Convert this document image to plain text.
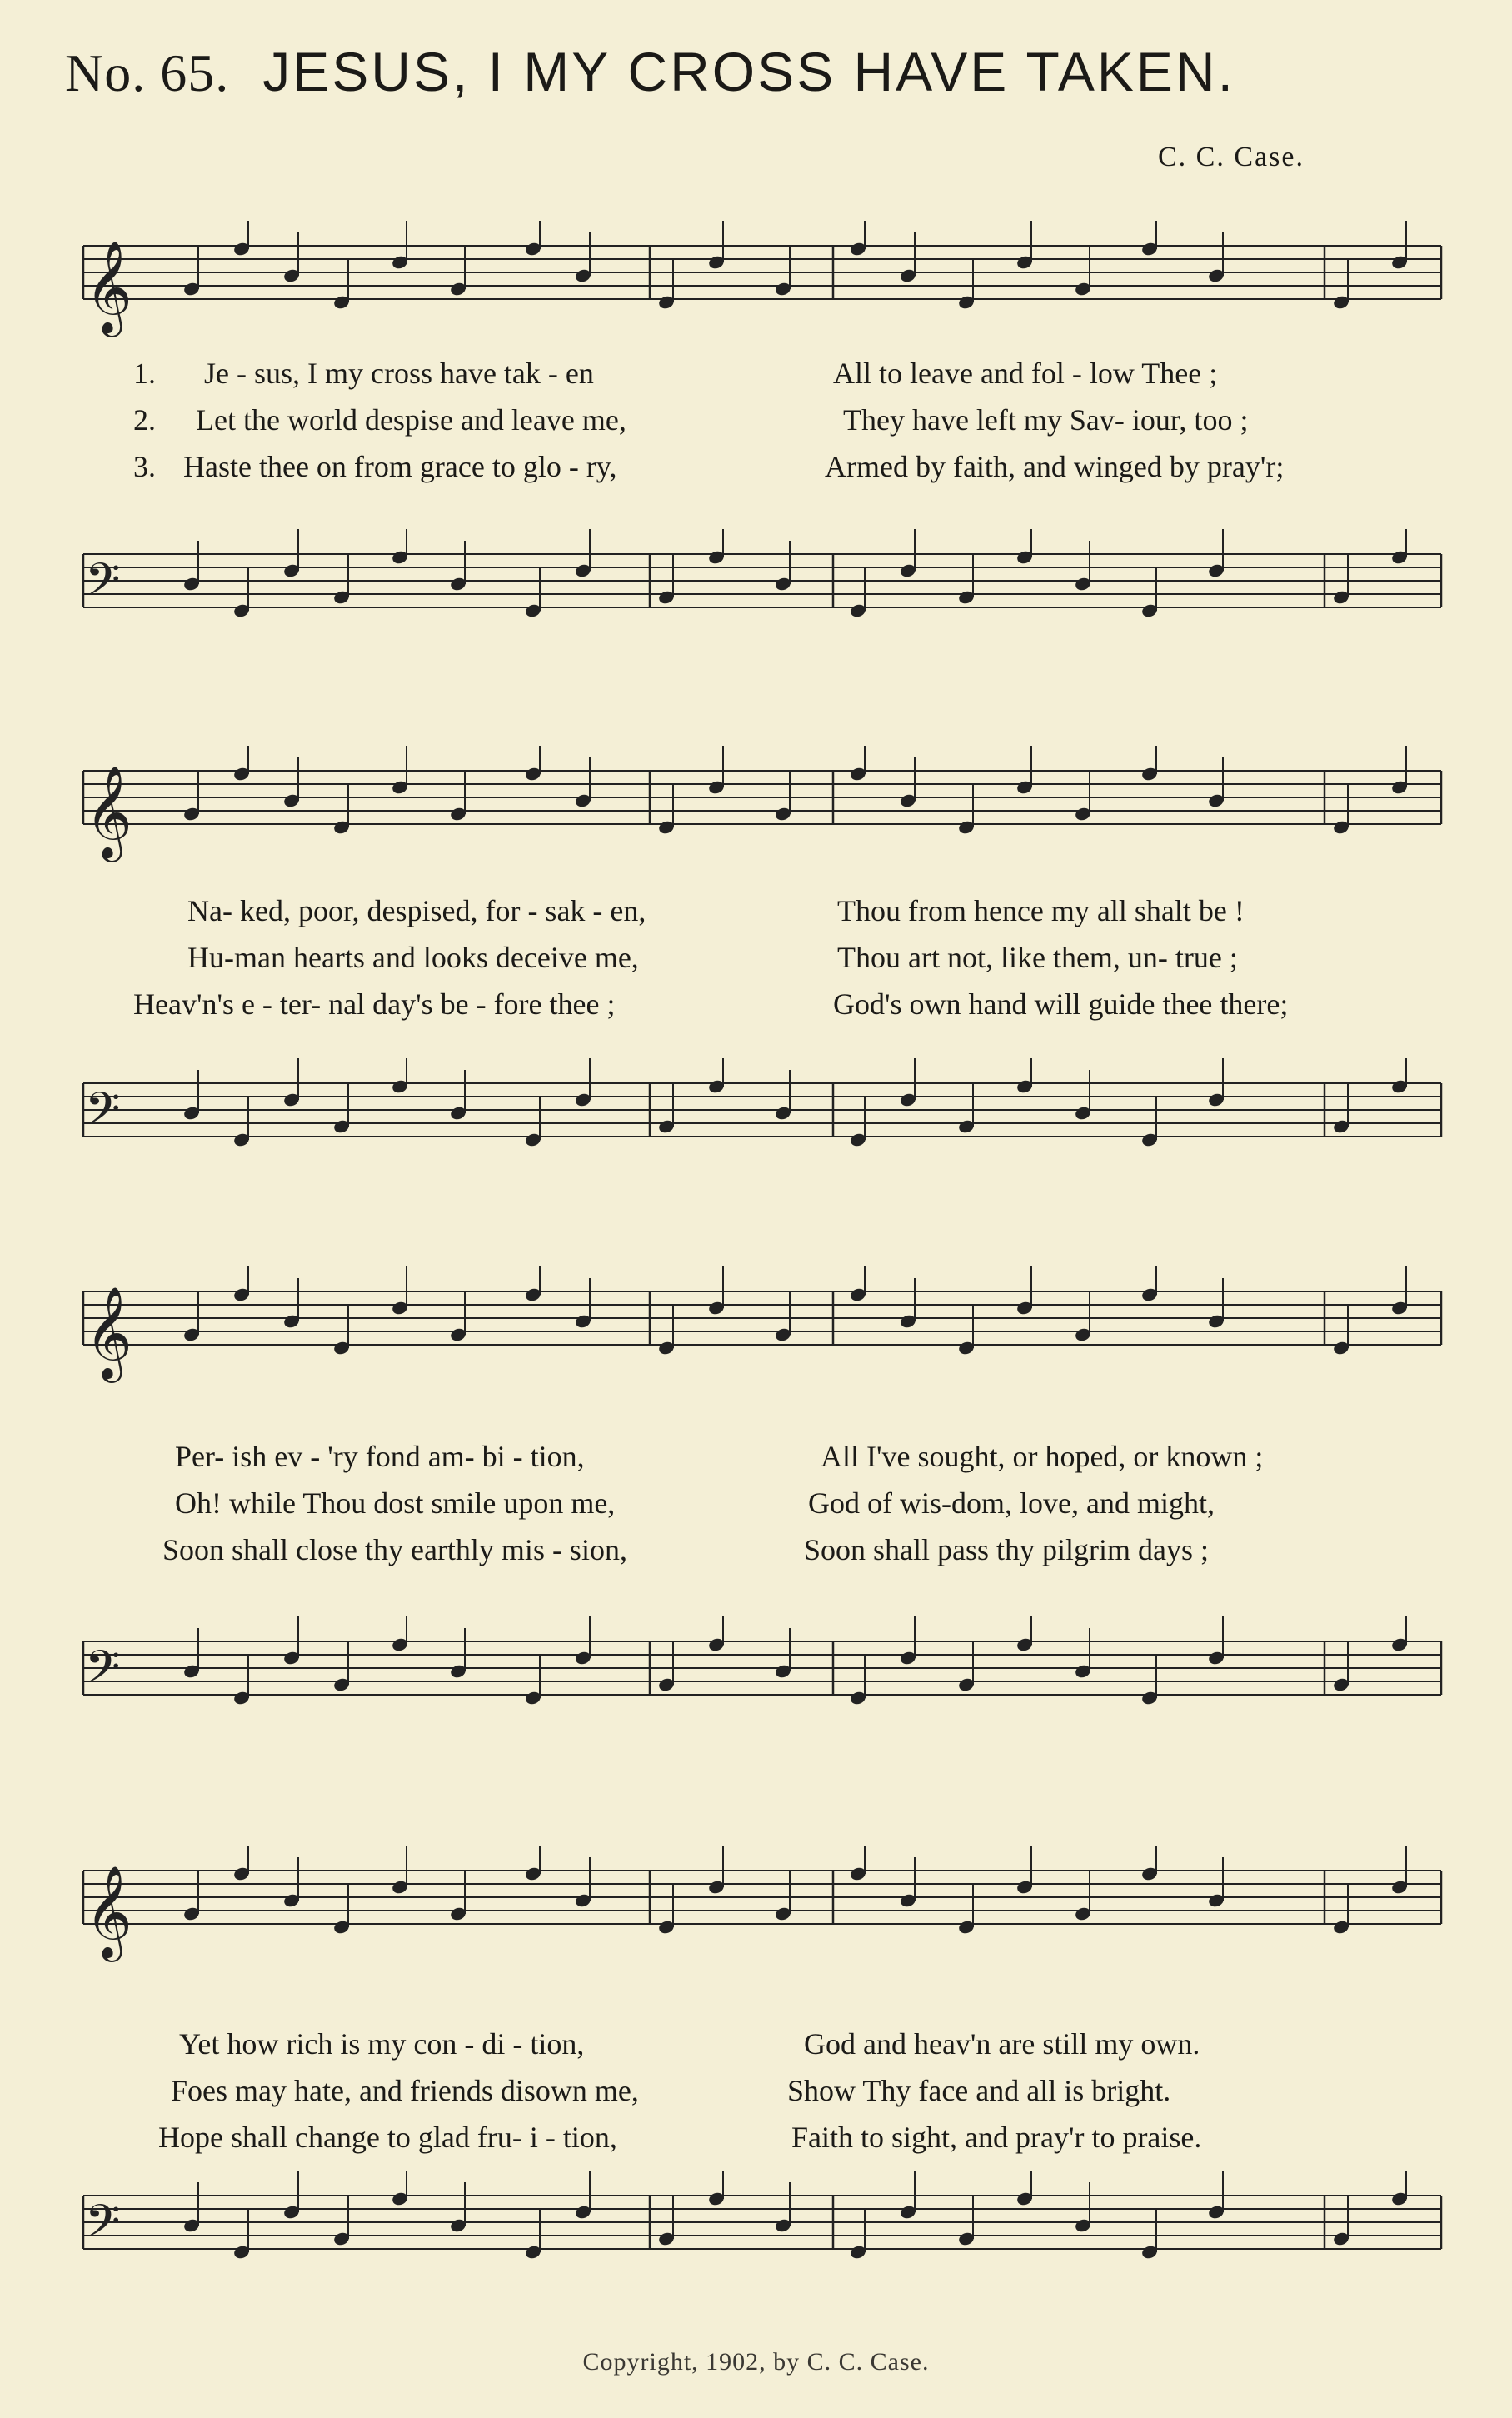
No. 65. JESUS, I MY CROSS HAVE TAKEN.
C. C. Case.
𝄞
1. Je - sus, I my cross have tak - en	All to leave and fol - low Thee ;
2. Let the world despise and leave me,	They have left my Sav- iour, too ;
3. Haste thee on from grace to glo - ry,	Armed by faith, and winged by pray'r;
𝄢
𝄞
Na- ked, poor, despised, for - sak - en,	Thou from hence my all shalt be !
Hu-man hearts and looks deceive me,	Thou art not, like them, un- true ;
Heav'n's e - ter- nal day's be - fore thee ;	God's own hand will guide thee there;
𝄢
𝄞
Per- ish ev - 'ry fond am- bi - tion,	All I've sought, or hoped, or known ;
Oh! while Thou dost smile upon me,	God of wis-dom, love, and might,
Soon shall close thy earthly mis - sion,	Soon shall pass thy pilgrim days ;
𝄢
𝄞
Yet how rich is my con - di - tion,	God and heav'n are still my own.
Foes may hate, and friends disown me,	Show Thy face and all is bright.
Hope shall change to glad fru- i - tion,	Faith to sight, and pray'r to praise.
𝄢
Copyright, 1902, by C. C. Case.
